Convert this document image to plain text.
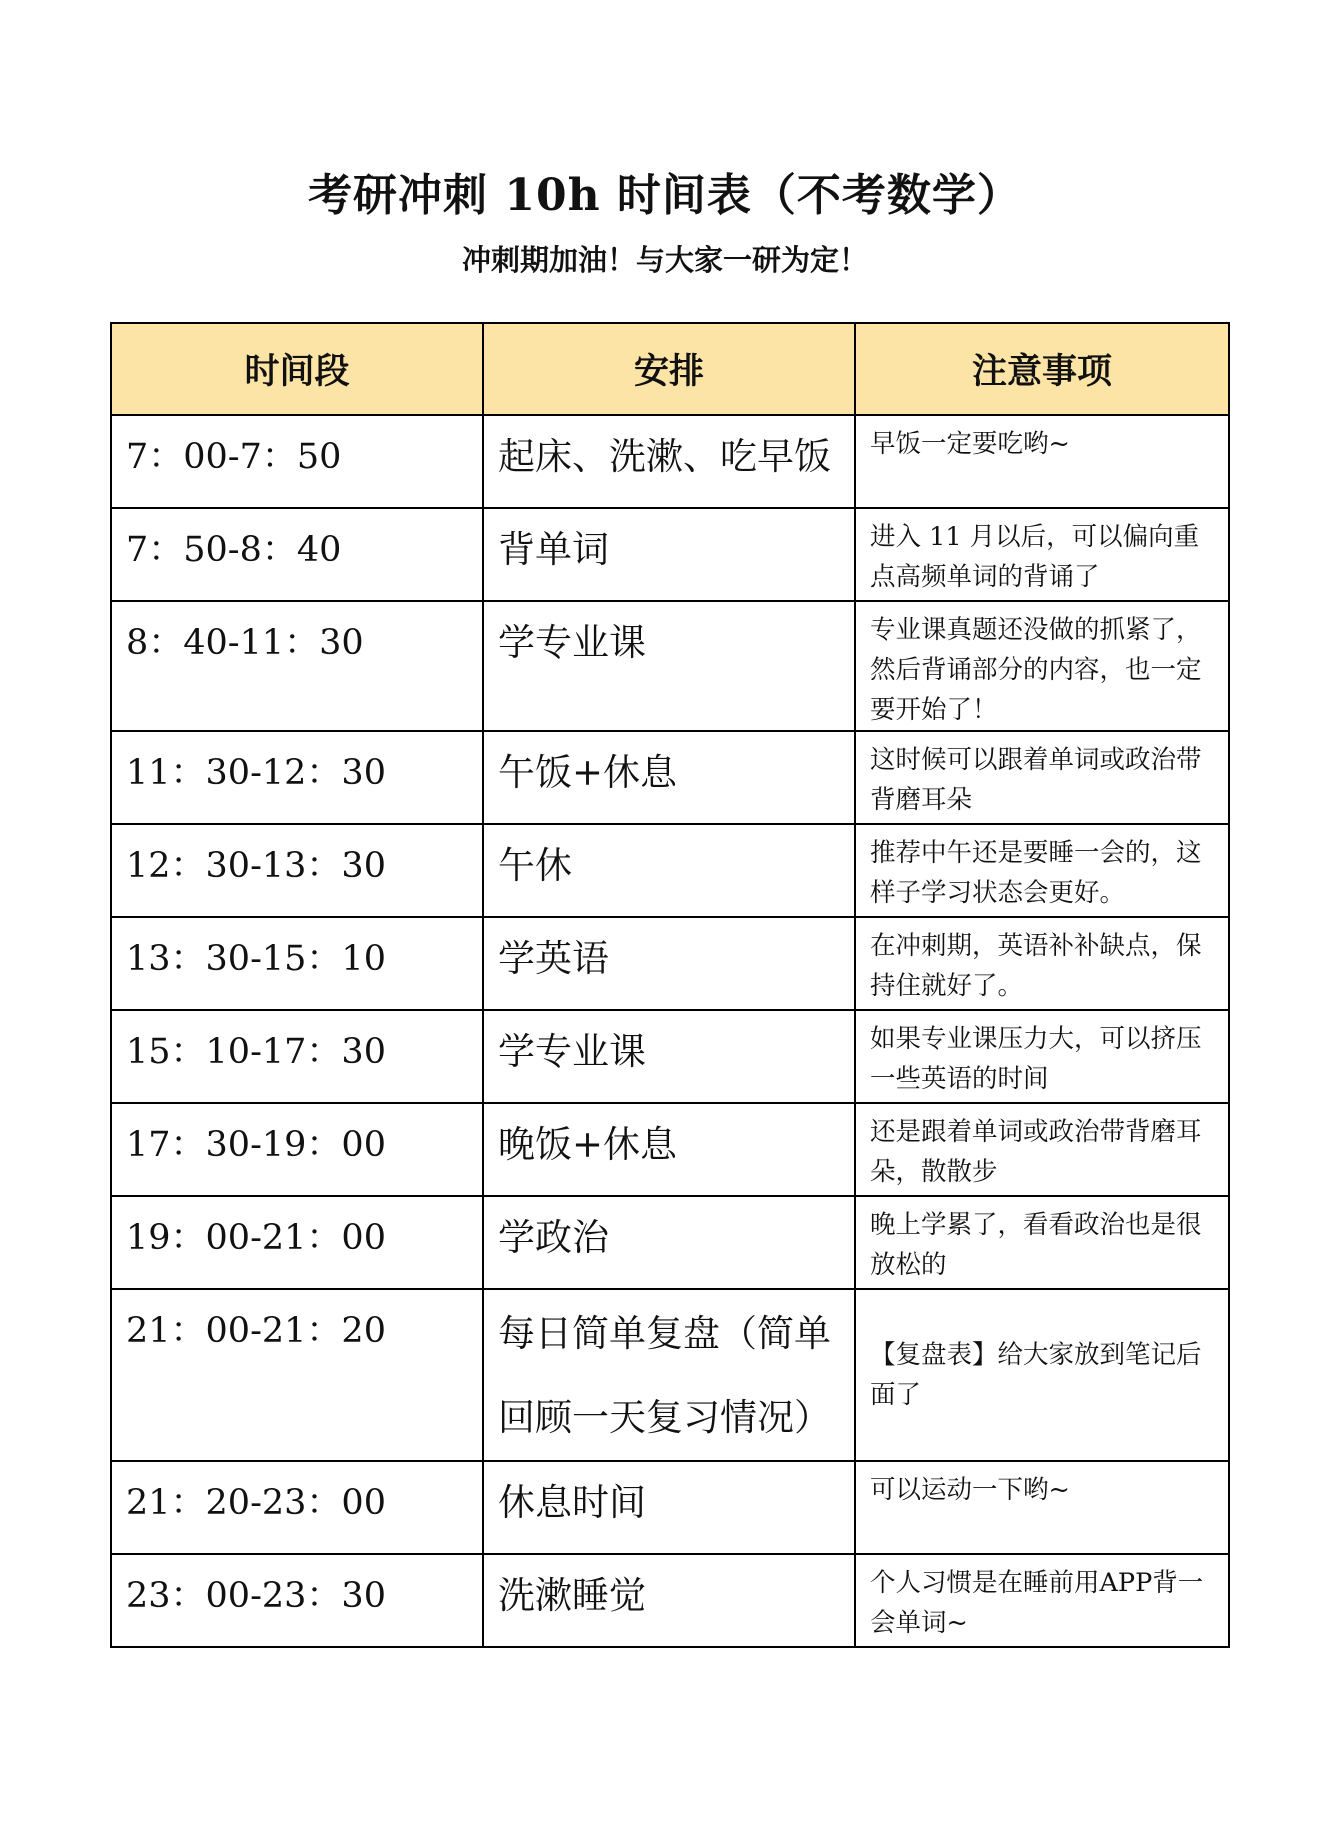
考研冲刺 10h 时间表（不考数学）
冲刺期加油！与大家一研为定！
时间段	安排	注意事项
7：00-7：50	起床、洗漱、吃早饭	早饭一定要吃哟~
7：50-8：40	背单词	进入 11 月以后，可以偏向重点高频单词的背诵了
8：40-11：30	学专业课	专业课真题还没做的抓紧了，然后背诵部分的内容，也一定要开始了！
11：30-12：30	午饭+休息	这时候可以跟着单词或政治带背磨耳朵
12：30-13：30	午休	推荐中午还是要睡一会的，这样子学习状态会更好。
13：30-15：10	学英语	在冲刺期，英语补补缺点，保持住就好了。
15：10-17：30	学专业课	如果专业课压力大，可以挤压一些英语的时间
17：30-19：00	晚饭+休息	还是跟着单词或政治带背磨耳朵，散散步
19：00-21：00	学政治	晚上学累了，看看政治也是很放松的
21：00-21：20	每日简单复盘（简单回顾一天复习情况）	【复盘表】给大家放到笔记后面了
21：20-23：00	休息时间	可以运动一下哟~
23：00-23：30	洗漱睡觉	个人习惯是在睡前用APP背一会单词~
